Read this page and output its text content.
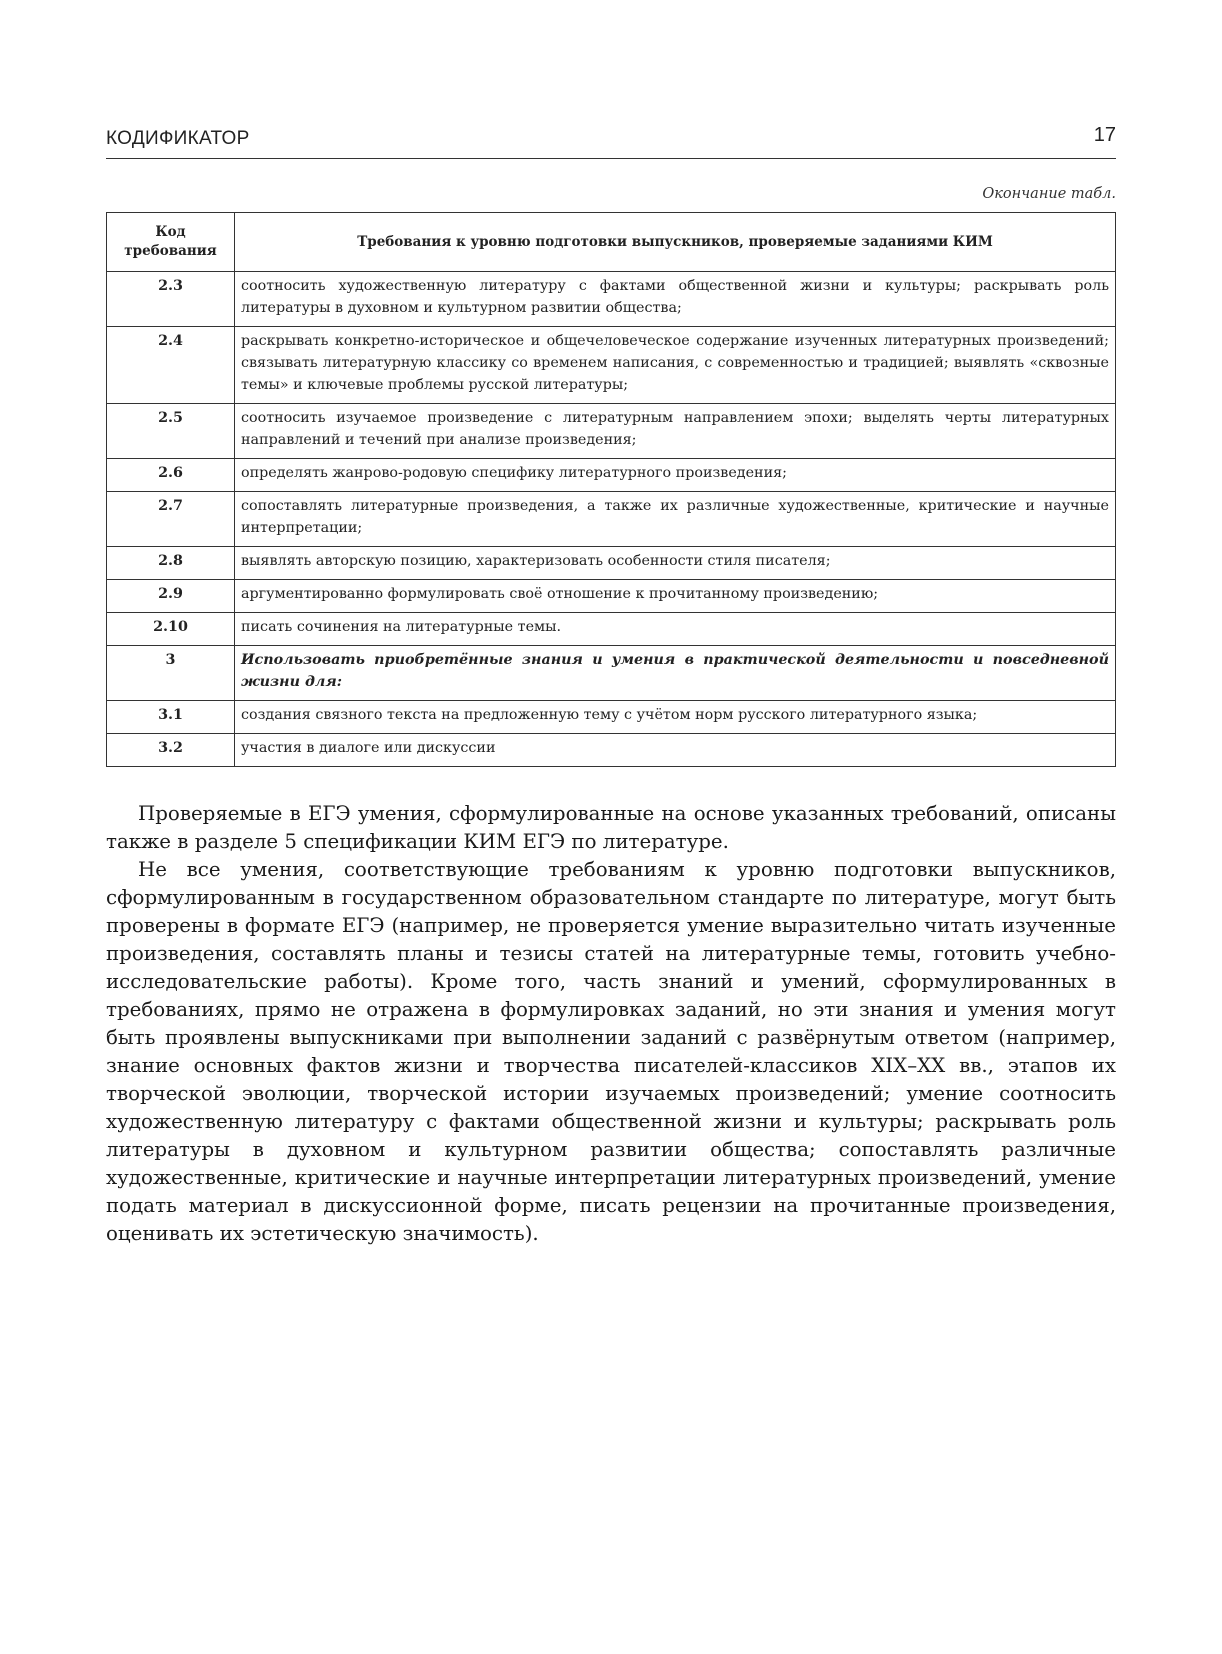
КОДИФИКАТОР	17
Окончание табл.
Код требования	Требования к уровню подготовки выпускников, проверяемые заданиями КИМ
2.3	соотносить художественную литературу с фактами общественной жизни и культуры; раскрывать роль литературы в духовном и культурном развитии общества;
2.4	раскрывать конкретно-историческое и общечеловеческое содержание изученных литературных произведений; связывать литературную классику со временем написания, с современностью и традицией; выявлять «сквозные темы» и ключевые проблемы русской литературы;
2.5	соотносить изучаемое произведение с литературным направлением эпохи; выделять черты литературных направлений и течений при анализе произведения;
2.6	определять жанрово-родовую специфику литературного произведения;
2.7	сопоставлять литературные произведения, а также их различные художественные, критические и научные интерпретации;
2.8	выявлять авторскую позицию, характеризовать особенности стиля писателя;
2.9	аргументированно формулировать своё отношение к прочитанному произведению;
2.10	писать сочинения на литературные темы.
3	Использовать приобретённые знания и умения в практической деятельности и повседневной жизни для:
3.1	создания связного текста на предложенную тему с учётом норм русского литературного языка;
3.2	участия в диалоге или дискуссии

Проверяемые в ЕГЭ умения, сформулированные на основе указанных требований, описаны также в разделе 5 спецификации КИМ ЕГЭ по литературе.

Не все умения, соответствующие требованиям к уровню подготовки выпускников, сформулированным в государственном образовательном стандарте по литературе, могут быть проверены в формате ЕГЭ (например, не проверяется умение выразительно читать изученные произведения, составлять планы и тезисы статей на литературные темы, готовить учебно-исследовательские работы). Кроме того, часть знаний и умений, сформулированных в требованиях, прямо не отражена в формулировках заданий, но эти знания и умения могут быть проявлены выпускниками при выполнении заданий с развёрнутым ответом (например, знание основных фактов жизни и творчества писателей-классиков XIX–XX вв., этапов их творческой эволюции, творческой истории изучаемых произведений; умение соотносить художественную литературу с фактами общественной жизни и культуры; раскрывать роль литературы в духовном и культурном развитии общества; сопоставлять различные художественные, критические и научные интерпретации литературных произведений, умение подать материал в дискуссионной форме, писать рецензии на прочитанные произведения, оценивать их эстетическую значимость).
